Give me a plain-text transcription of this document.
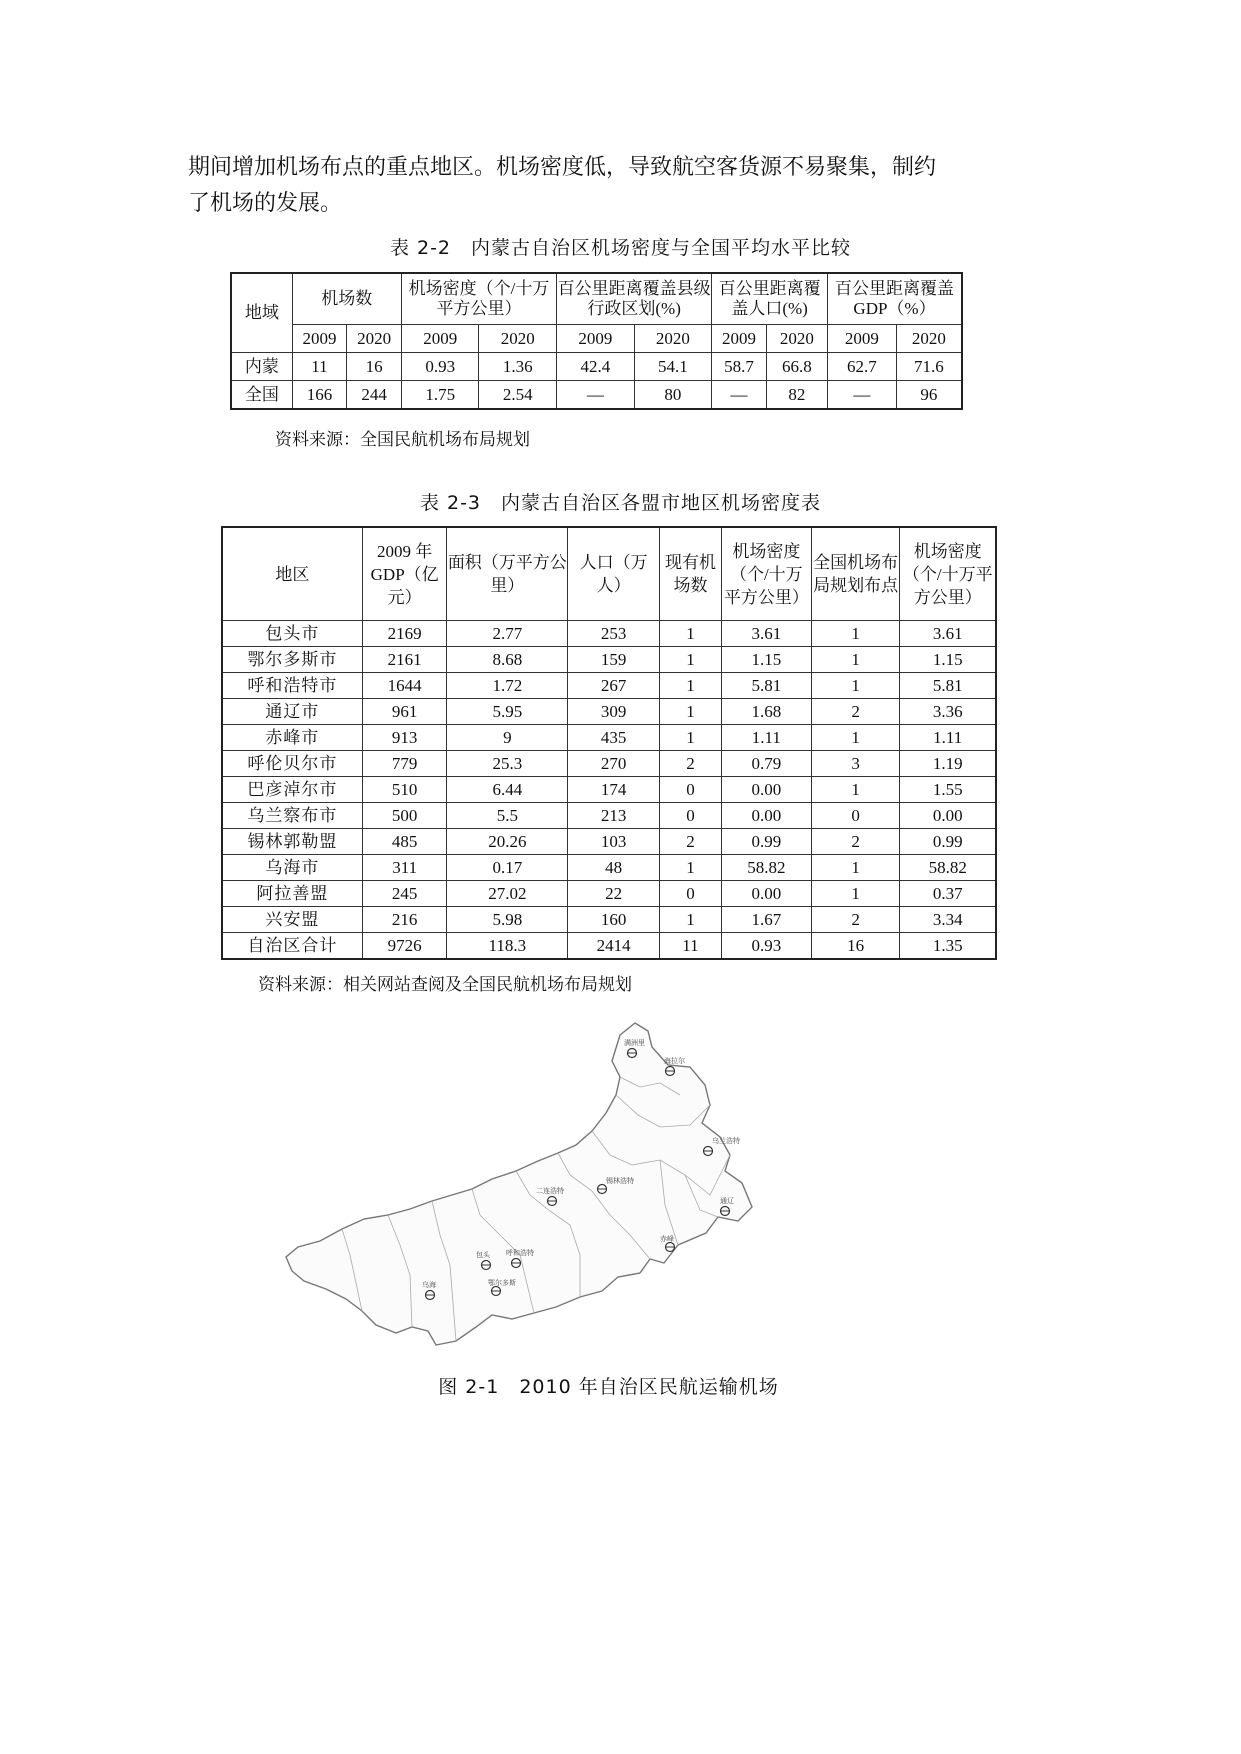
期间增加机场布点的重点地区。机场密度低，导致航空客货源不易聚集，制约
了机场的发展。

表 2-2　内蒙古自治区机场密度与全国平均水平比较

地域	机场数		机场密度（个/十万平方公里）		百公里距离覆盖县级行政区划(%)		百公里距离覆盖人口(%)		百公里距离覆盖 GDP（%）	
	2009	2020	2009	2020	2009	2020	2009	2020	2009	2020
内蒙	11	16	0.93	1.36	42.4	54.1	58.7	66.8	62.7	71.6
全国	166	244	1.75	2.54	—	80	—	82	—	96

资料来源：全国民航机场布局规划

表 2-3　内蒙古自治区各盟市地区机场密度表

地区	2009 年 GDP（亿元）	面积（万平方公里）	人口（万人）	现有机场数	机场密度（个/十万平方公里）	全国机场布局规划布点	机场密度（个/十万平方公里）
包头市	2169	2.77	253	1	3.61	1	3.61
鄂尔多斯市	2161	8.68	159	1	1.15	1	1.15
呼和浩特市	1644	1.72	267	1	5.81	1	5.81
通辽市	961	5.95	309	1	1.68	2	3.36
赤峰市	913	9	435	1	1.11	1	1.11
呼伦贝尔市	779	25.3	270	2	0.79	3	1.19
巴彦淖尔市	510	6.44	174	0	0.00	1	1.55
乌兰察布市	500	5.5	213	0	0.00	0	0.00
锡林郭勒盟	485	20.26	103	2	0.99	2	0.99
乌海市	311	0.17	48	1	58.82	1	58.82
阿拉善盟	245	27.02	22	0	0.00	1	0.37
兴安盟	216	5.98	160	1	1.67	2	3.34
自治区合计	9726	118.3	2414	11	0.93	16	1.35

资料来源：相关网站查阅及全国民航机场布局规划

满洲里
海拉尔
乌兰浩特
锡林浩特
通辽
赤峰
二连浩特
呼和浩特
包头
鄂尔多斯
乌海

图 2-1　2010 年自治区民航运输机场
